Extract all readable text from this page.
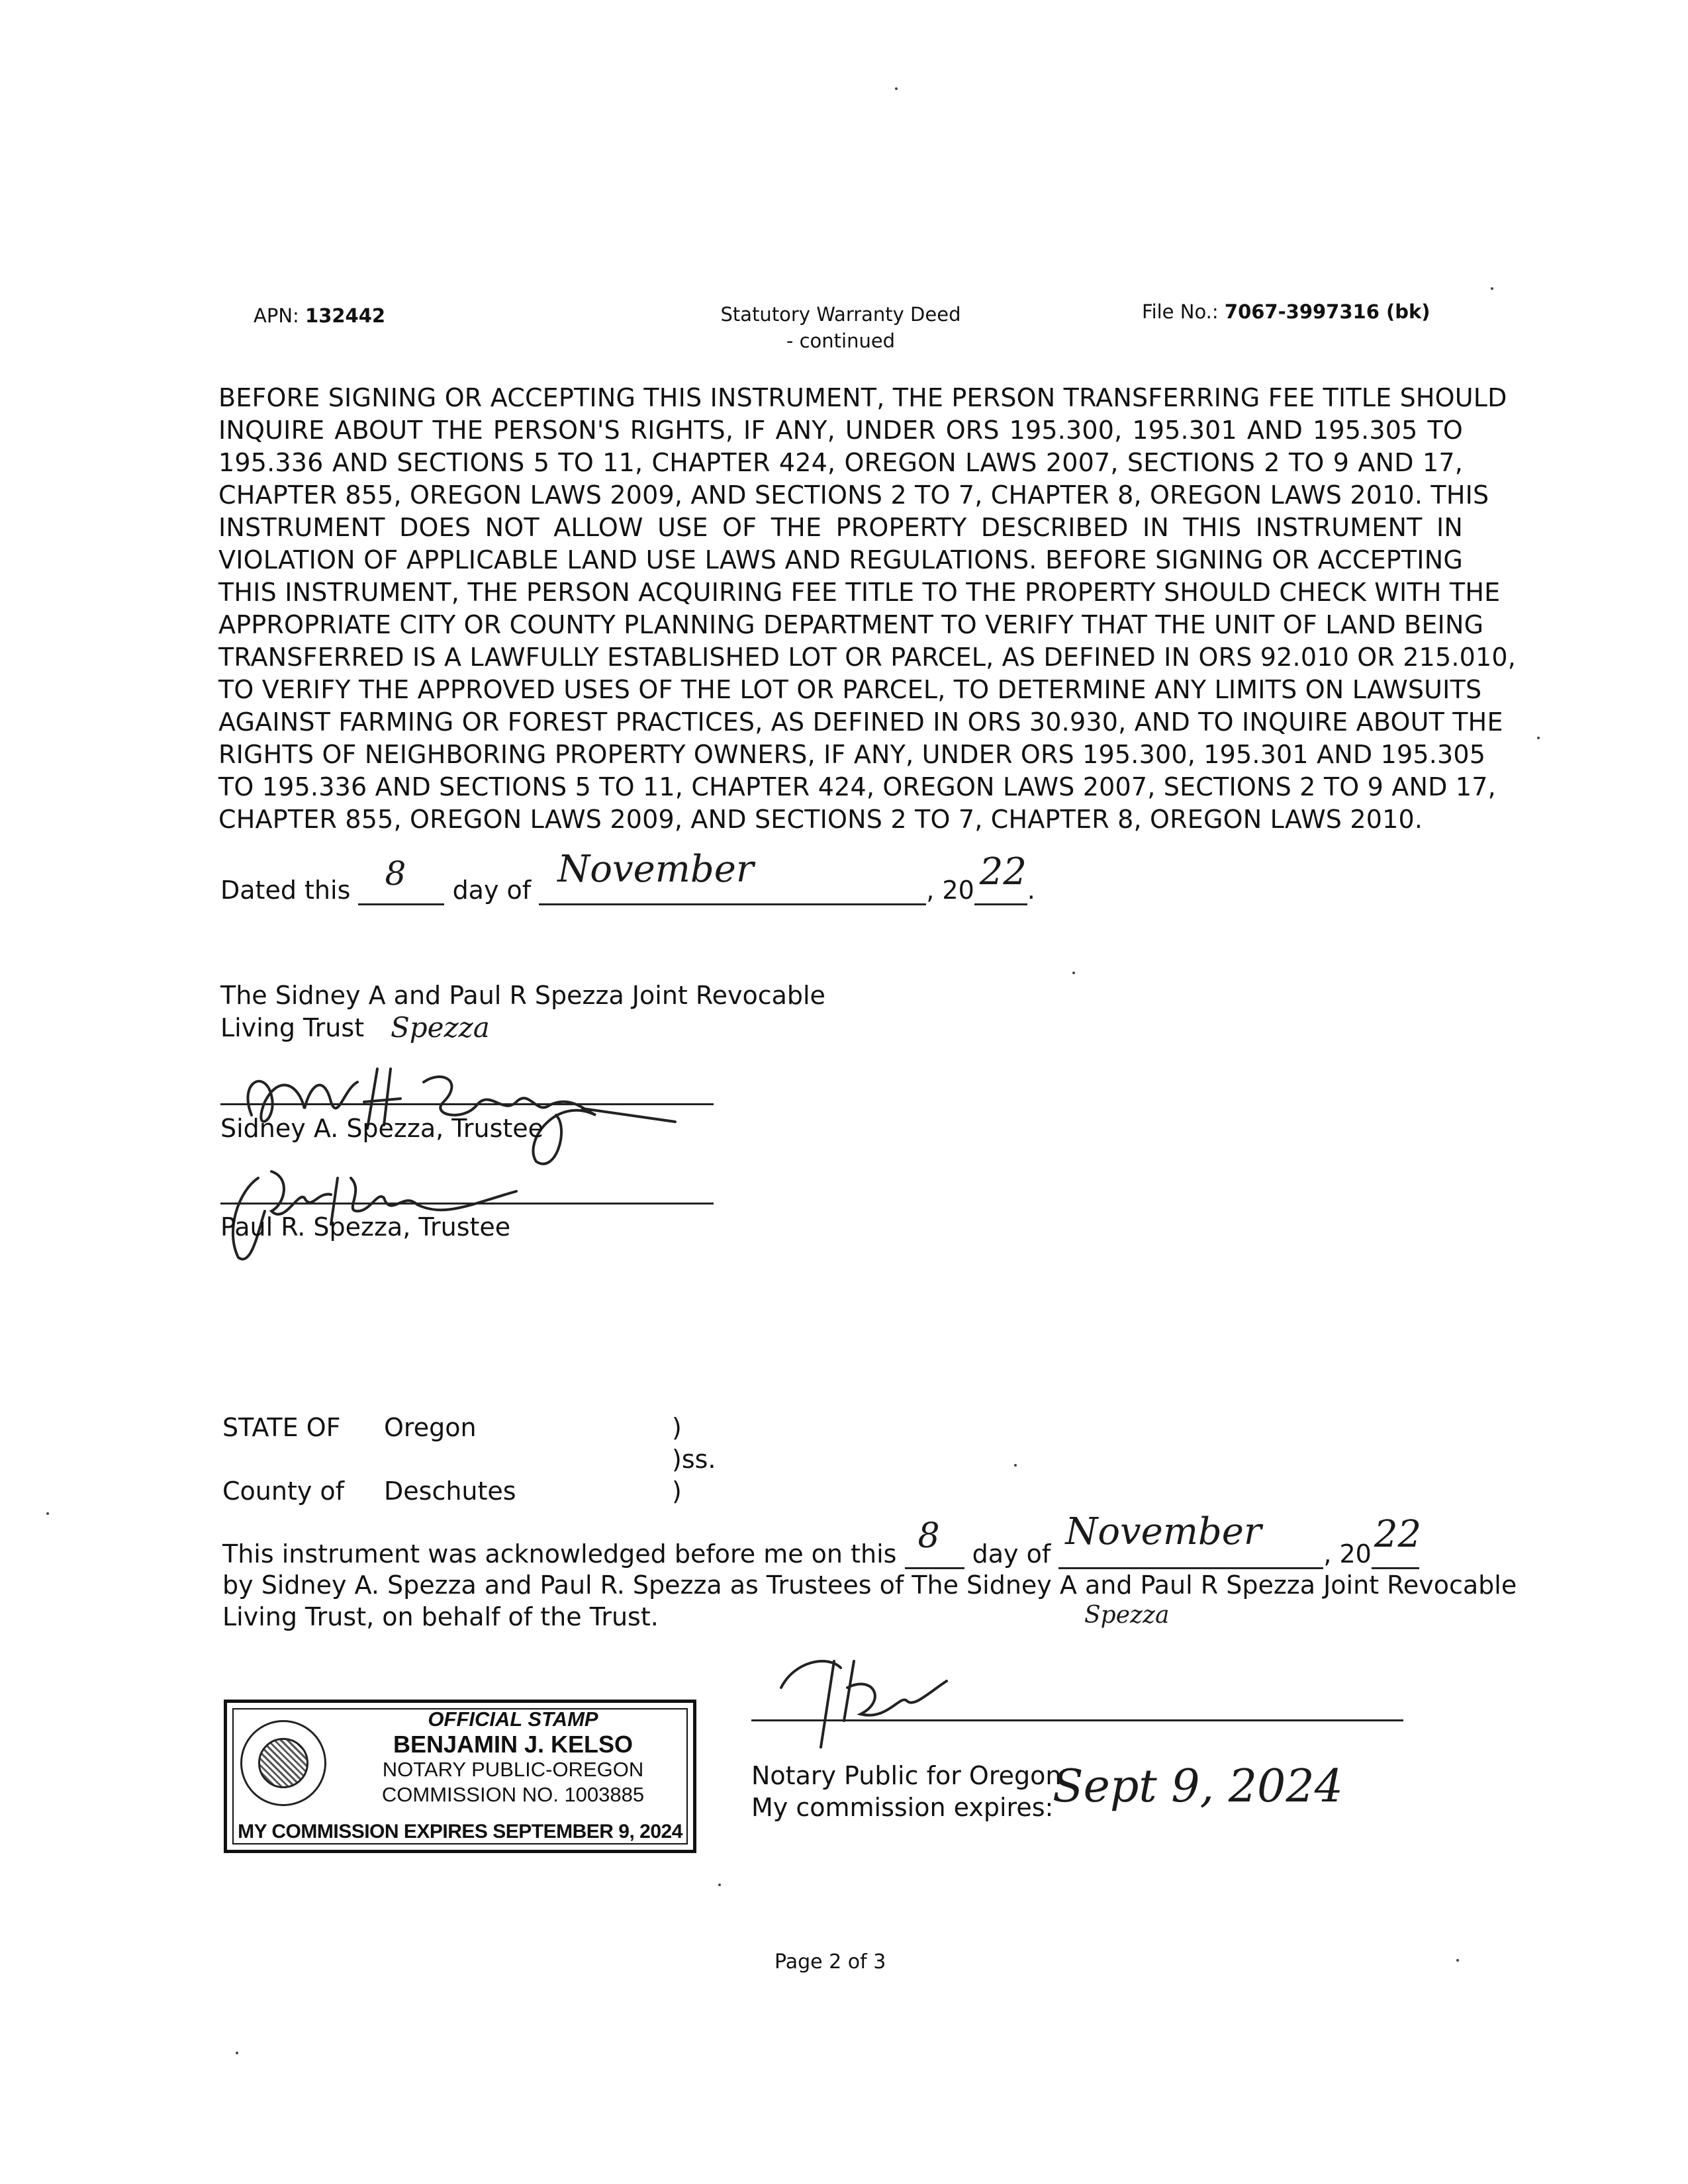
APN: 132442	Statutory Warranty Deed
- continued
File No.: 7067-3997316 (bk)
BEFORE SIGNING OR ACCEPTING THIS INSTRUMENT, THE PERSON TRANSFERRING FEE TITLE SHOULD
INQUIRE ABOUT THE PERSON'S RIGHTS, IF ANY, UNDER ORS 195.300, 195.301 AND 195.305 TO
195.336 AND SECTIONS 5 TO 11, CHAPTER 424, OREGON LAWS 2007, SECTIONS 2 TO 9 AND 17,
CHAPTER 855, OREGON LAWS 2009, AND SECTIONS 2 TO 7, CHAPTER 8, OREGON LAWS 2010. THIS
INSTRUMENT DOES NOT ALLOW USE OF THE PROPERTY DESCRIBED IN THIS INSTRUMENT IN
VIOLATION OF APPLICABLE LAND USE LAWS AND REGULATIONS. BEFORE SIGNING OR ACCEPTING
THIS INSTRUMENT, THE PERSON ACQUIRING FEE TITLE TO THE PROPERTY SHOULD CHECK WITH THE
APPROPRIATE CITY OR COUNTY PLANNING DEPARTMENT TO VERIFY THAT THE UNIT OF LAND BEING
TRANSFERRED IS A LAWFULLY ESTABLISHED LOT OR PARCEL, AS DEFINED IN ORS 92.010 OR 215.010,
TO VERIFY THE APPROVED USES OF THE LOT OR PARCEL, TO DETERMINE ANY LIMITS ON LAWSUITS
AGAINST FARMING OR FOREST PRACTICES, AS DEFINED IN ORS 30.930, AND TO INQUIRE ABOUT THE
RIGHTS OF NEIGHBORING PROPERTY OWNERS, IF ANY, UNDER ORS 195.300, 195.301 AND 195.305
TO 195.336 AND SECTIONS 5 TO 11, CHAPTER 424, OREGON LAWS 2007, SECTIONS 2 TO 9 AND 17,
CHAPTER 855, OREGON LAWS 2009, AND SECTIONS 2 TO 7, CHAPTER 8, OREGON LAWS 2010.
Dated this 8 day of November	, 20 22 .
The Sidney A and Paul R Spezza Joint Revocable
Living Trust Spezza
Sidney A. Spezza, Trustee
Paul R. Spezza, Trustee
STATE OF Oregon	)
)ss.
County of Deschutes	)
This instrument was acknowledged before me on this 8 day of
November
, 20 22
by Sidney A. Spezza and Paul R. Spezza as Trustees of The Sidney A and Paul R Spezza Joint Revocable
Living Trust, on behalf of the Trust.	Spezza
OFFICIAL STAMP
BENJAMIN J. KELSO
NOTARY PUBLIC-OREGON
COMMISSION NO. 1003885
MY COMMISSION EXPIRES SEPTEMBER 9, 2024
Notary Public for Oregon
My commission expires:
Sept 9, 2024
Page 2 of 3
